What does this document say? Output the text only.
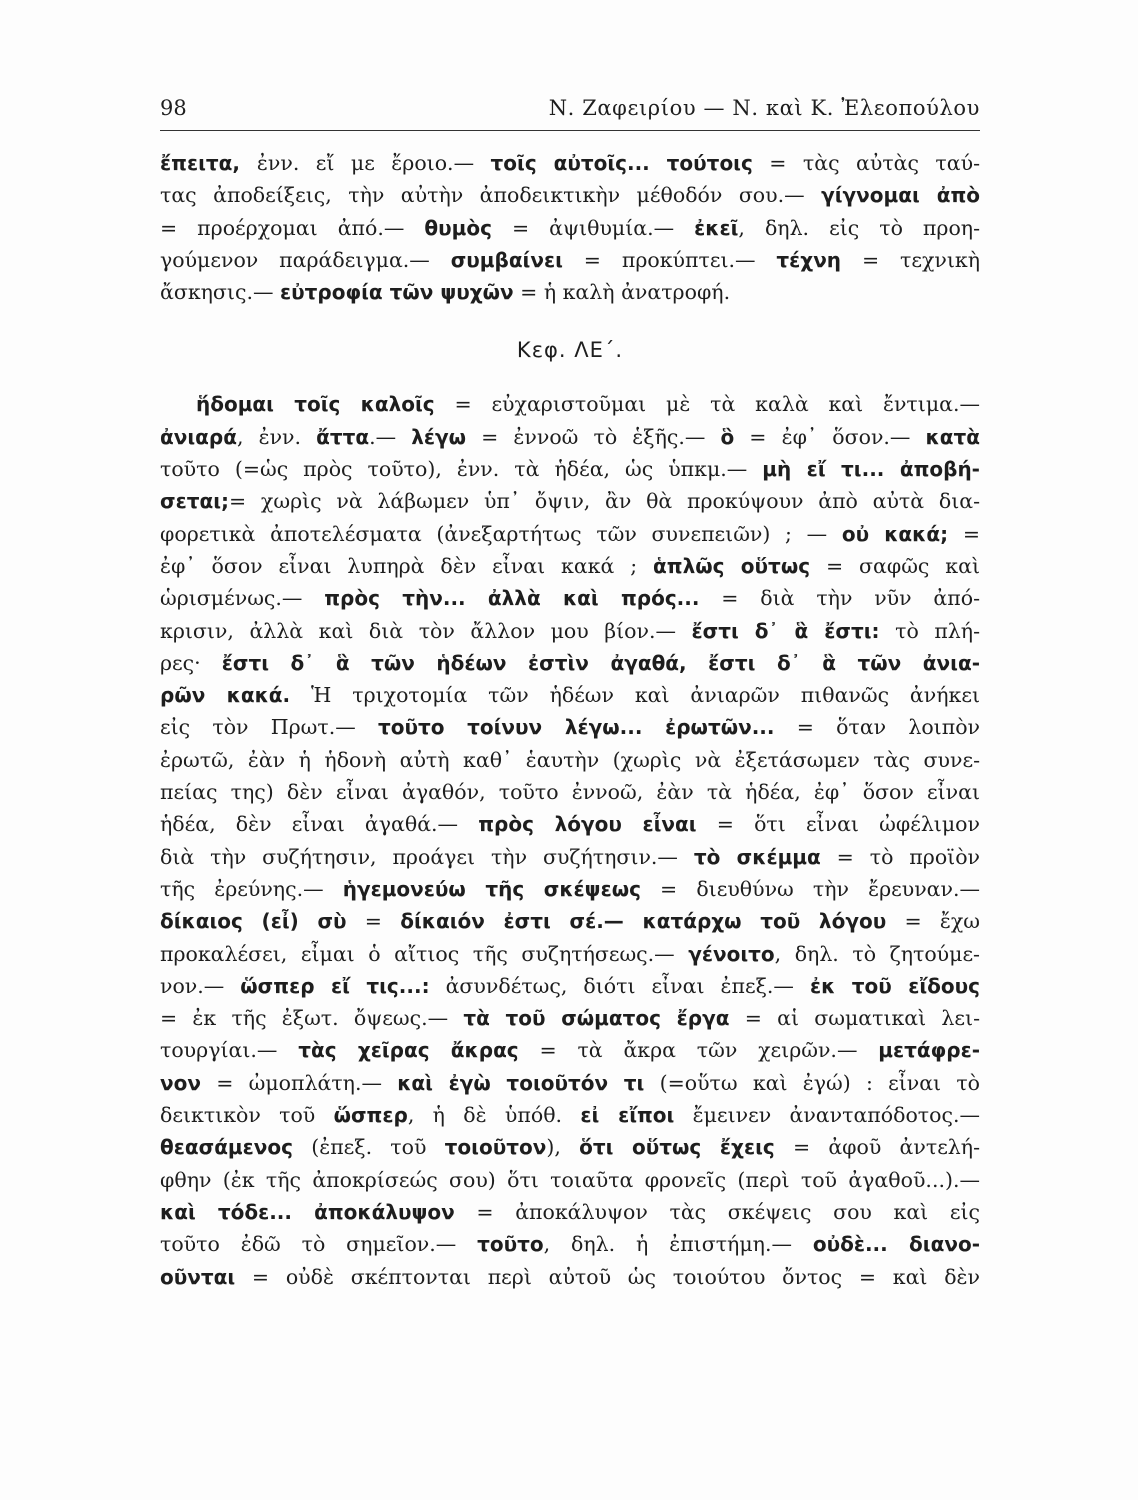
98	Ν. Ζαφειρίου — Ν. καὶ Κ. Ἐλεοπούλου
ἔπειτα, ἐνν. εἴ με ἔροιο.— τοῖς αὐτοῖς... τούτοις = τὰς αὐτὰς ταύ-
τας ἀποδείξεις, τὴν αὐτὴν ἀποδεικτικὴν μέθοδόν σου.— γίγνομαι ἀπὸ
= προέρχομαι ἀπό.— θυμὸς = ἀψιθυμία.— ἐκεῖ, δηλ. εἰς τὸ προη-
γούμενον παράδειγμα.— συμβαίνει = προκύπτει.— τέχνη = τεχνικὴ
ἄσκησις.— εὐτροφία τῶν ψυχῶν = ἡ καλὴ ἀνατροφή.
Κεφ. ΛΕ΄.
ἥδομαι τοῖς καλοῖς = εὐχαριστοῦμαι μὲ τὰ καλὰ καὶ ἔντιμα.—
ἀνιαρά, ἐνν. ἄττα.— λέγω = ἐννοῶ τὸ ἑξῆς.— ὃ = ἐφ᾽ ὅσον.— κατὰ
τοῦτο (=ὡς πρὸς τοῦτο), ἐνν. τὰ ἡδέα, ὡς ὑπκμ.— μὴ εἴ τι... ἀποβή-
σεται;= χωρὶς νὰ λάβωμεν ὑπ᾽ ὄψιν, ἂν θὰ προκύψουν ἀπὸ αὐτὰ δια-
φορετικὰ ἀποτελέσματα (ἀνεξαρτήτως τῶν συνεπειῶν) ; — οὐ κακά; =
ἐφ᾽ ὅσον εἶναι λυπηρὰ δὲν εἶναι κακά ; ἁπλῶς οὕτως = σαφῶς καὶ
ὡρισμένως.— πρὸς τὴν... ἀλλὰ καὶ πρός... = διὰ τὴν νῦν ἀπό-
κρισιν, ἀλλὰ καὶ διὰ τὸν ἄλλον μου βίον.— ἔστι δ᾽ ἃ ἔστι: τὸ πλή-
ρες· ἔστι δ᾽ ἃ τῶν ἡδέων ἐστὶν ἀγαθά, ἔστι δ᾽ ἃ τῶν ἀνια-
ρῶν κακά. Ἡ τριχοτομία τῶν ἡδέων καὶ ἀνιαρῶν πιθανῶς ἀνήκει
εἰς τὸν Πρωτ.— τοῦτο τοίνυν λέγω... ἐρωτῶν... = ὅταν λοιπὸν
ἐρωτῶ, ἐὰν ἡ ἡδονὴ αὐτὴ καθ᾽ ἑαυτὴν (χωρὶς νὰ ἐξετάσωμεν τὰς συνε-
πείας της) δὲν εἶναι ἀγαθόν, τοῦτο ἐννοῶ, ἐὰν τὰ ἡδέα, ἐφ᾽ ὅσον εἶναι
ἡδέα, δὲν εἶναι ἀγαθά.— πρὸς λόγου εἶναι = ὅτι εἶναι ὠφέλιμον
διὰ τὴν συζήτησιν, προάγει τὴν συζήτησιν.— τὸ σκέμμα = τὸ προϊὸν
τῆς ἐρεύνης.— ἡγεμονεύω τῆς σκέψεως = διευθύνω τὴν ἔρευναν.—
δίκαιος (εἶ) σὺ = δίκαιόν ἐστι σέ.— κατάρχω τοῦ λόγου = ἔχω
προκαλέσει, εἶμαι ὁ αἴτιος τῆς συζητήσεως.— γένοιτο, δηλ. τὸ ζητούμε-
νον.— ὥσπερ εἴ τις...: ἀσυνδέτως, διότι εἶναι ἐπεξ.— ἐκ τοῦ εἴδους
= ἐκ τῆς ἐξωτ. ὄψεως.— τὰ τοῦ σώματος ἔργα = αἱ σωματικαὶ λει-
τουργίαι.— τὰς χεῖρας ἄκρας = τὰ ἄκρα τῶν χειρῶν.— μετάφρε-
νον = ὠμοπλάτη.— καὶ ἐγὼ τοιοῦτόν τι (=οὕτω καὶ ἐγώ) : εἶναι τὸ
δεικτικὸν τοῦ ὥσπερ, ἡ δὲ ὑπόθ. εἰ εἴποι ἔμεινεν ἀνανταπόδοτος.—
θεασάμενος (ἐπεξ. τοῦ τοιοῦτον), ὅτι οὕτως ἔχεις = ἀφοῦ ἀντελή-
φθην (ἐκ τῆς ἀποκρίσεώς σου) ὅτι τοιαῦτα φρονεῖς (περὶ τοῦ ἀγαθοῦ...).—
καὶ τόδε... ἀποκάλυψον = ἀποκάλυψον τὰς σκέψεις σου καὶ εἰς
τοῦτο ἐδῶ τὸ σημεῖον.— τοῦτο, δηλ. ἡ ἐπιστήμη.— οὐδὲ... διανο-
οῦνται = οὐδὲ σκέπτονται περὶ αὐτοῦ ὡς τοιούτου ὄντος = καὶ δὲν
